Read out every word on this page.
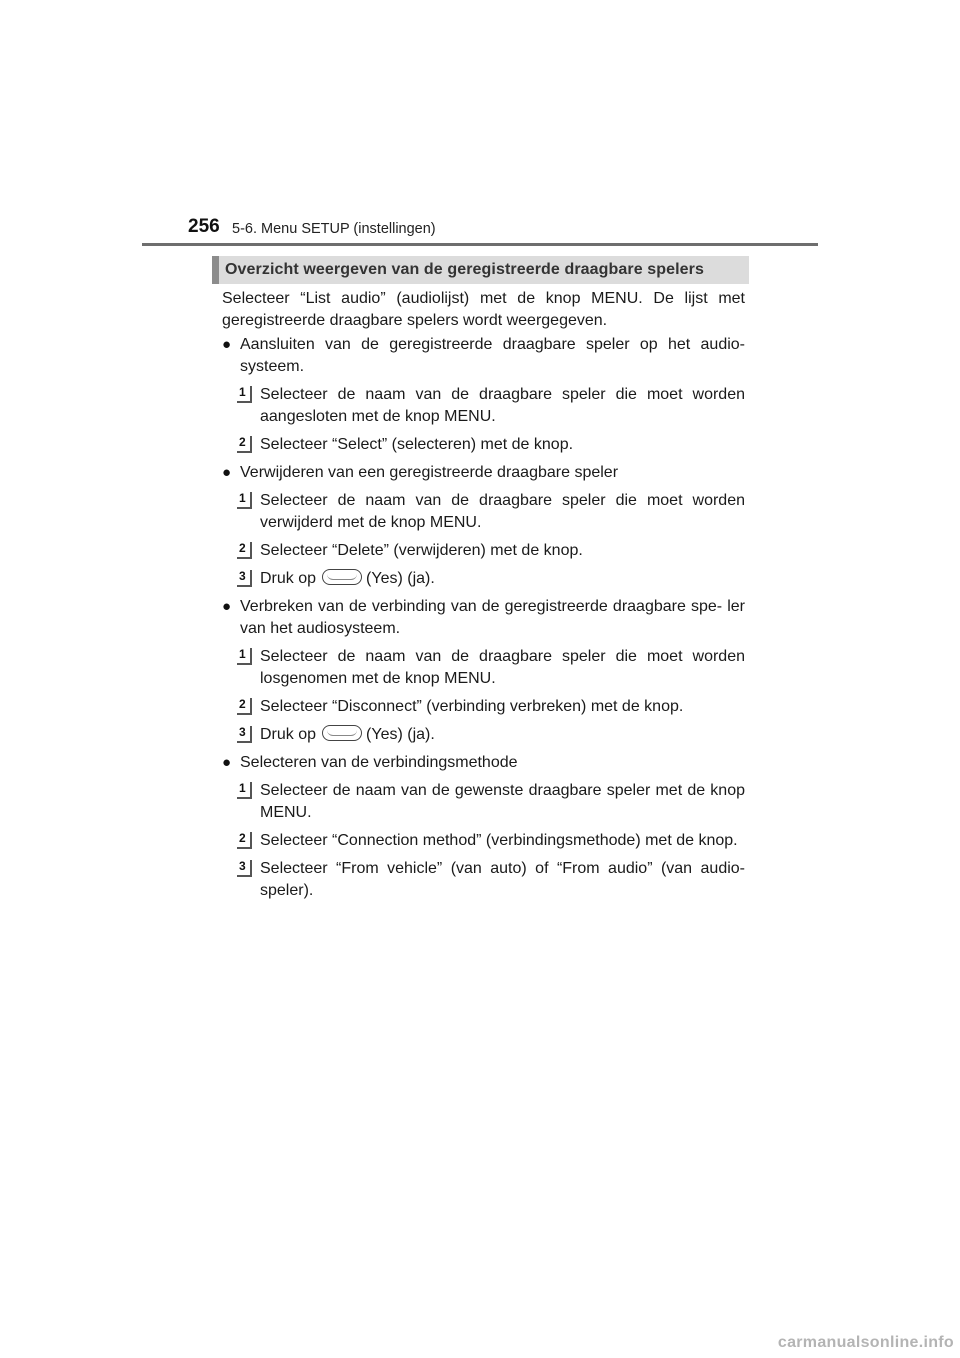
256 5-6. Menu SETUP (instellingen)
Overzicht weergeven van de geregistreerde draagbare spelers

Selecteer “List audio” (audiolijst) met de knop MENU. De lijst met geregistreerde draagbare spelers wordt weergegeven.

● Aansluiten van de geregistreerde draagbare speler op het audio- systeem.
1 Selecteer de naam van de draagbare speler die moet worden aangesloten met de knop MENU.
2 Selecteer “Select” (selecteren) met de knop.
● Verwijderen van een geregistreerde draagbare speler
1 Selecteer de naam van de draagbare speler die moet worden verwijderd met de knop MENU.
2 Selecteer “Delete” (verwijderen) met de knop.
3 Druk op	(Yes) (ja).
● Verbreken van de verbinding van de geregistreerde draagbare spe- ler van het audiosysteem.
1 Selecteer de naam van de draagbare speler die moet worden losgenomen met de knop MENU.
2 Selecteer “Disconnect” (verbinding verbreken) met de knop.
3 Druk op	(Yes) (ja).
● Selecteren van de verbindingsmethode
1 Selecteer de naam van de gewenste draagbare speler met de knop MENU.
2 Selecteer “Connection method” (verbindingsmethode) met de knop.
3 Selecteer “From vehicle” (van auto) of “From audio” (van audio- speler).
carmanualsonline.info
